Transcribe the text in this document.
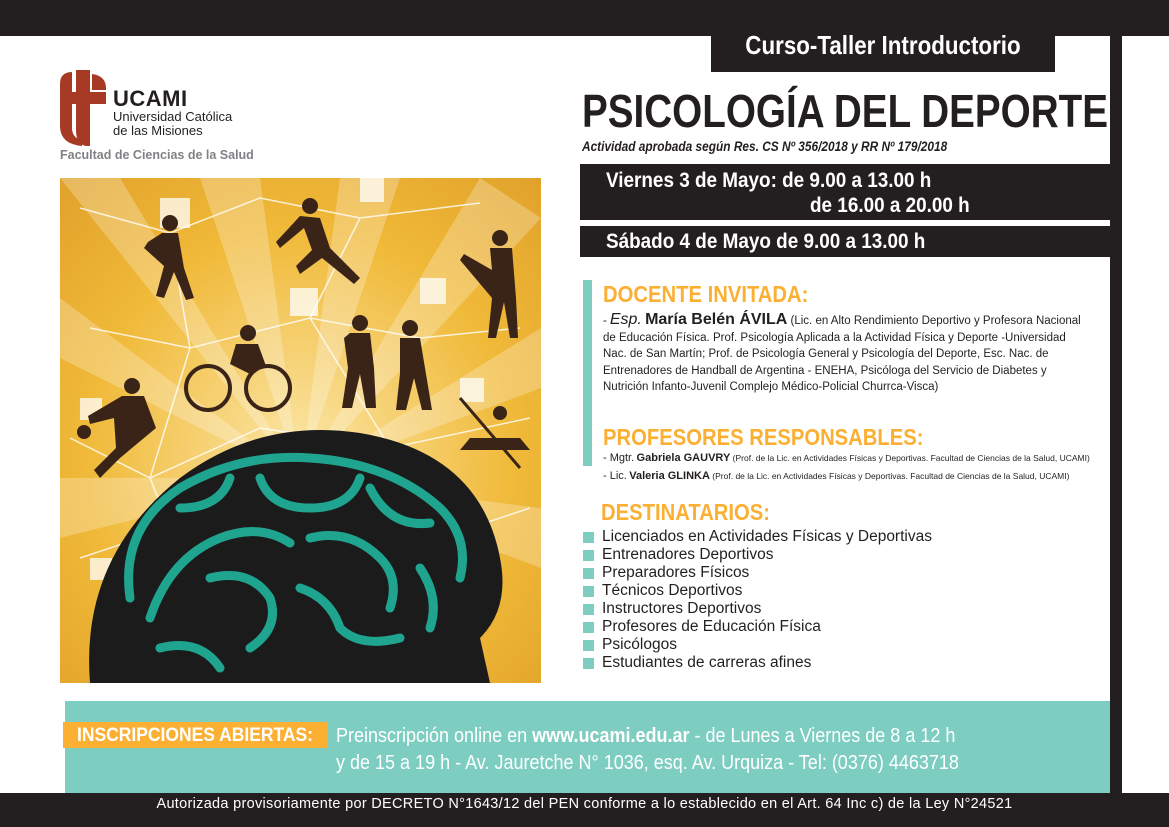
Curso-Taller Introductorio
UCAMI
Universidad Católica
de las Misiones
Facultad de Ciencias de la Salud
PSICOLOGÍA DEL DEPORTE
Actividad aprobada según Res. CS Nº 356/2018 y RR Nº 179/2018
Viernes 3 de Mayo: de 9.00 a 13.00 h
de 16.00 a 20.00 h
Sábado 4 de Mayo de 9.00 a 13.00 h
DOCENTE INVITADA:
- Esp. María Belén ÁVILA (Lic. en Alto Rendimiento Deportivo y Profesora Nacional de Educación Física. Prof. Psicología Aplicada a la Actividad Física y Deporte -Universidad Nac. de San Martín; Prof. de Psicología General y Psicología del Deporte, Esc. Nac. de Entrenadores de Handball de Argentina - ENEHA, Psicóloga del Servicio de Diabetes y Nutrición Infanto-Juvenil Complejo Médico-Policial Churrca-Visca)
PROFESORES RESPONSABLES:
- Mgtr. Gabriela GAUVRY (Prof. de la Lic. en Actividades Físicas y Deportivas. Facultad de Ciencias de la Salud, UCAMI)
- Lic. Valeria GLINKA (Prof. de la Lic. en Actividades Físicas y Deportivas. Facultad de Ciencias de la Salud, UCAMI)
DESTINATARIOS:
Licenciados en Actividades Físicas y Deportivas
Entrenadores Deportivos
Preparadores Físicos
Técnicos Deportivos
Instructores Deportivos
Profesores de Educación Física
Psicólogos
Estudiantes de carreras afines
INSCRIPCIONES ABIERTAS:	Preinscripción online en www.ucami.edu.ar - de Lunes a Viernes de 8 a 12 h
y de 15 a 19 h - Av. Jauretche N° 1036, esq. Av. Urquiza - Tel: (0376) 4463718
Autorizada provisoriamente por DECRETO N°1643/12 del PEN conforme a lo establecido en el Art. 64 Inc c) de la Ley N°24521
